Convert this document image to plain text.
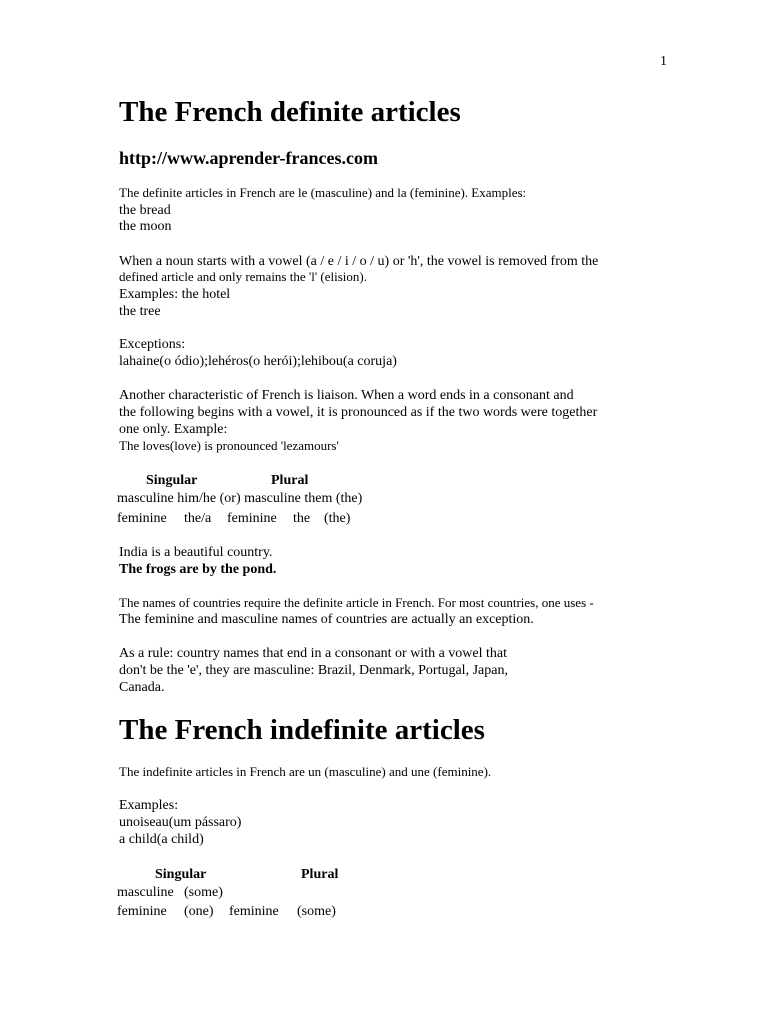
1
The French definite articles
http://www.aprender-frances.com
The definite articles in French are le (masculine) and la (feminine). Examples:
the bread
the moon
When a noun starts with a vowel (a / e / i / o / u) or 'h', the vowel is removed from the
defined article and only remains the 'l' (elision).
Examples: the hotel
the tree
Exceptions:
lahaine(o ódio);lehéros(o herói);lehibou(a coruja)
Another characteristic of French is liaison. When a word ends in a consonant and
the following begins with a vowel, it is pronounced as if the two words were together
one only. Example:
The loves(love) is pronounced 'lezamours'
Singular	Plural
masculine him/he (or) masculine them (the)
feminine the/a feminine the (the)
India is a beautiful country.
The frogs are by the pond.
The names of countries require the definite article in French. For most countries, one uses -
The feminine and masculine names of countries are actually an exception.
As a rule: country names that end in a consonant or with a vowel that
don't be the 'e', they are masculine: Brazil, Denmark, Portugal, Japan,
Canada.
The French indefinite articles
The indefinite articles in French are un (masculine) and une (feminine).
Examples:
unoiseau(um pássaro)
a child(a child)
Singular	Plural
masculine (some)
feminine (one) feminine (some)
